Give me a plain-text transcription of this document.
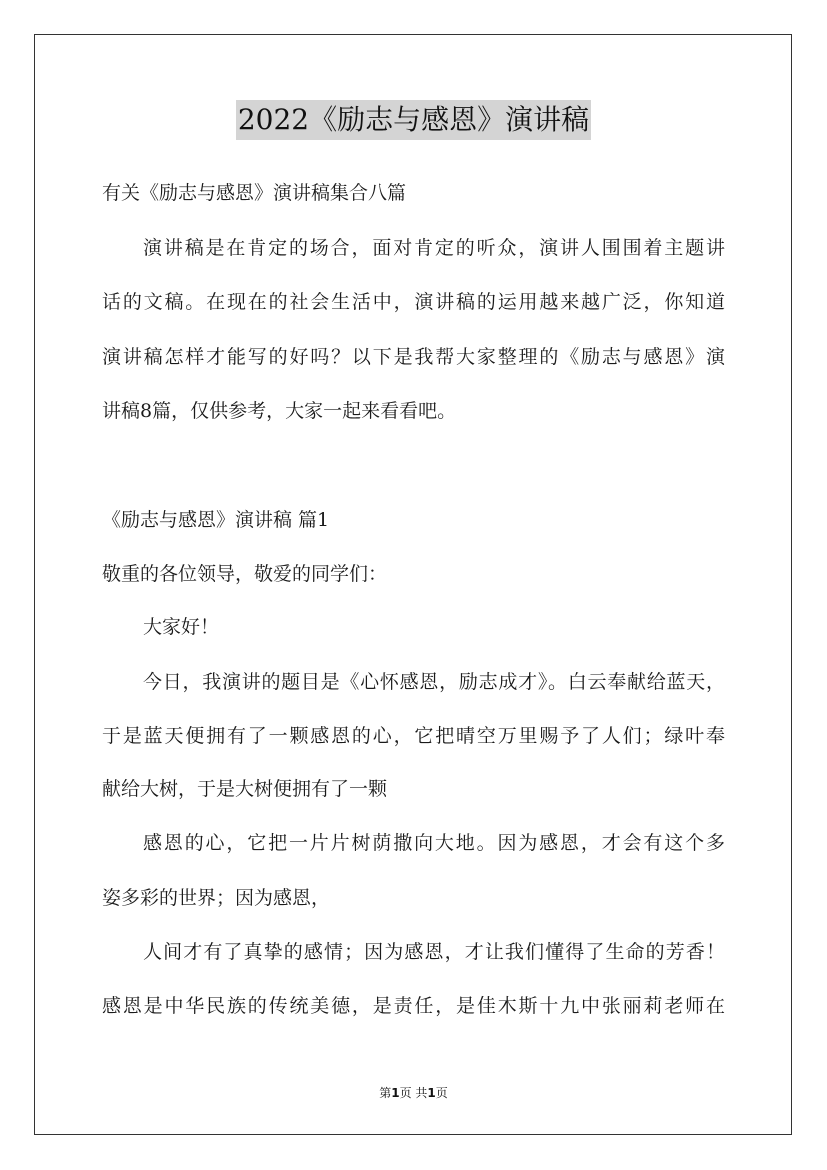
2022《励志与感恩》演讲稿
有关《励志与感恩》演讲稿集合八篇
演讲稿是在肯定的场合，面对肯定的听众，演讲人围围着主题讲
话的文稿。在现在的社会生活中，演讲稿的运用越来越广泛，你知道
演讲稿怎样才能写的好吗？以下是我帮大家整理的《励志与感恩》演
讲稿8篇，仅供参考，大家一起来看看吧。
《励志与感恩》演讲稿 篇1
敬重的各位领导，敬爱的同学们：
大家好！
今日，我演讲的题目是《心怀感恩，励志成才》。白云奉献给蓝天，
于是蓝天便拥有了一颗感恩的心，它把晴空万里赐予了人们；绿叶奉
献给大树，于是大树便拥有了一颗
感恩的心，它把一片片树荫撒向大地。因为感恩，才会有这个多
姿多彩的世界；因为感恩，
人间才有了真挚的感情；因为感恩，才让我们懂得了生命的芳香！
感恩是中华民族的传统美德，是责任，是佳木斯十九中张丽莉老师在
第1页 共1页
